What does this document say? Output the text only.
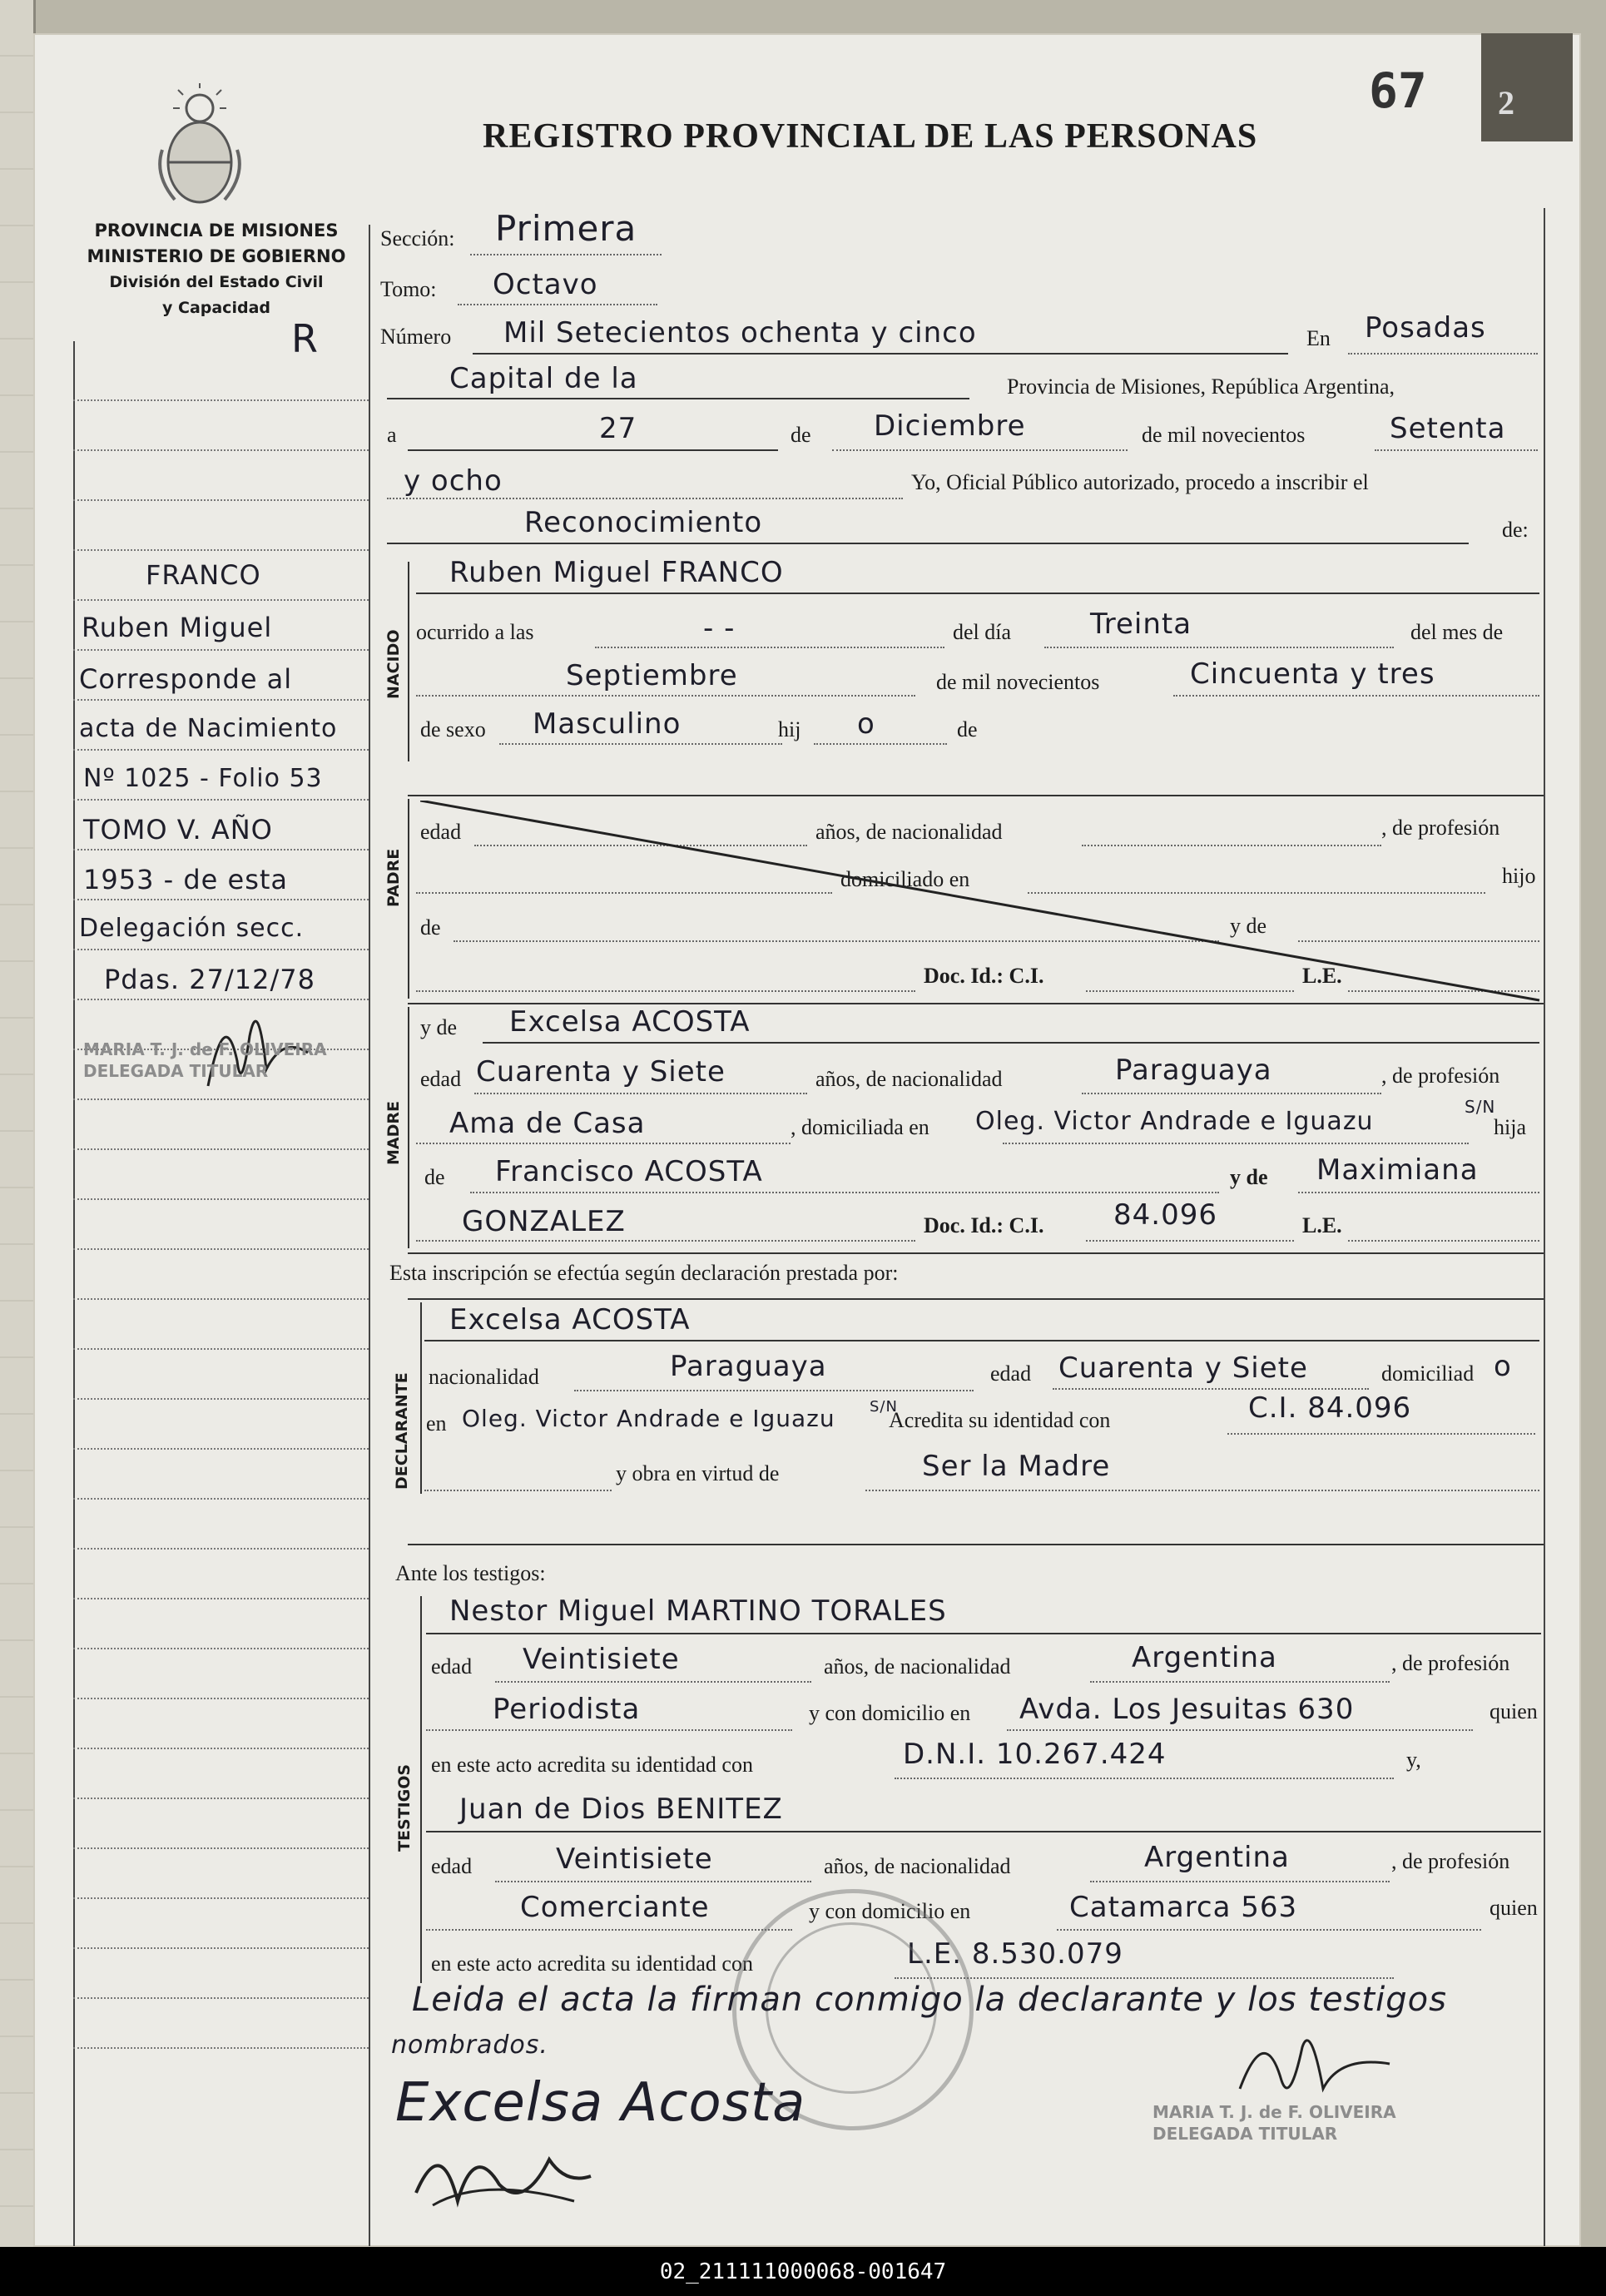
2
67
REGISTRO PROVINCIAL DE LAS PERSONAS
PROVINCIA DE MISIONES
MINISTERIO DE GOBIERNO
División del Estado Civil
y Capacidad
R
FRANCO
Ruben Miguel
Corresponde al
acta de Nacimiento
Nº 1025 - Folio 53
TOMO V. AÑO
1953 - de esta
Delegación secc.
Pdas. 27/12/78
MARIA T. J. de F. OLIVEIRA
DELEGADA TITULAR
Sección: Primera
Tomo: Octavo
Número Mil Setecientos ochenta y cinco	En Posadas
Capital de la	Provincia de Misiones, República Argentina,
a	27	de Diciembre	de mil novecientos	Setenta
y ocho	Yo, Oficial Público autorizado, procedo a inscribir el
Reconocimiento	de:
NACIDO
Ruben Miguel FRANCO
ocurrido a las	- -	del día	Treinta	del mes de
Septiembre	de mil novecientos	Cincuenta y tres
de sexo Masculino	hij o	de
PADRE
edad	años, de nacionalidad	, de profesión
domiciliado en	hijo
de	y de
Doc. Id.: C.I.	L.E.
MADRE
y de Excelsa ACOSTA
edad Cuarenta y Siete	años, de nacionalidad	Paraguaya	, de profesión
Ama de Casa	, domiciliada en Oleg. Victor Andrade e Iguazu	S/N
hija
de Francisco ACOSTA	y de Maximiana
GONZALEZ	Doc. Id.: C.I. 84.096	L.E.
Esta inscripción se efectúa según declaración prestada por:
DECLARANTE
Excelsa ACOSTA
nacionalidad	Paraguaya	edad Cuarenta y Siete	domiciliad o
en Oleg. Victor Andrade e Iguazu S/N
Acredita su identidad con	C.I. 84.096
y obra en virtud de	Ser la Madre
Ante los testigos:
TESTIGOS
Nestor Miguel MARTINO TORALES
edad Veintisiete	años, de nacionalidad	Argentina	, de profesión
Periodista	y con domicilio en Avda. Los Jesuitas 630	quien
en este acto acredita su identidad con	D.N.I. 10.267.424	y,
Juan de Dios BENITEZ
edad	Veintisiete	años, de nacionalidad	Argentina	, de profesión
Comerciante	y con domicilio en	Catamarca 563	quien
en este acto acredita su identidad con	L.E. 8.530.079
Leida el acta la firman conmigo la declarante y los testigos
nombrados.
Excelsa Acosta	MARIA T. J. de F. OLIVEIRA
DELEGADA TITULAR
02_211111000068-001647
